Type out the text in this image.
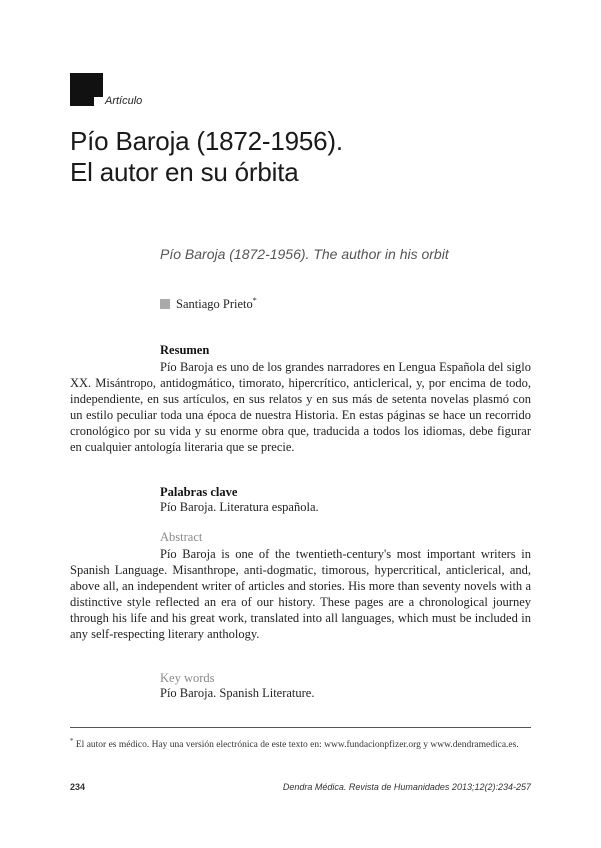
Artículo
Pío Baroja (1872-1956).
El autor en su órbita
Pío Baroja (1872-1956). The author in his orbit
Santiago Prieto*
Resumen

Pío Baroja es uno de los grandes narradores en Lengua Española del siglo XX. Misántropo, antidogmático, timorato, hipercrítico, anticlerical, y, por encima de todo, independiente, en sus artículos, en sus relatos y en sus más de setenta novelas plasmó con un estilo peculiar toda una época de nuestra Historia. En estas páginas se hace un recorrido cronológico por su vida y su enorme obra que, traducida a todos los idiomas, debe figurar en cualquier antología literaria que se precie.

Palabras clave
Pío Baroja. Literatura española.
Abstract

Pío Baroja is one of the twentieth-century's most important writers in Spanish Language. Misanthrope, anti-dogmatic, timorous, hypercritical, anticlerical, and, above all, an independent writer of articles and stories. His more than seventy novels with a distinctive style reflected an era of our history. These pages are a chronological journey through his life and his great work, translated into all languages, which must be included in any self-respecting literary anthology.

Key words
Pío Baroja. Spanish Literature.

* El autor es médico. Hay una versión electrónica de este texto en: www.fundacionpfizer.org y www.dendramedica.es.

234	Dendra Médica. Revista de Humanidades 2013;12(2):234-257
